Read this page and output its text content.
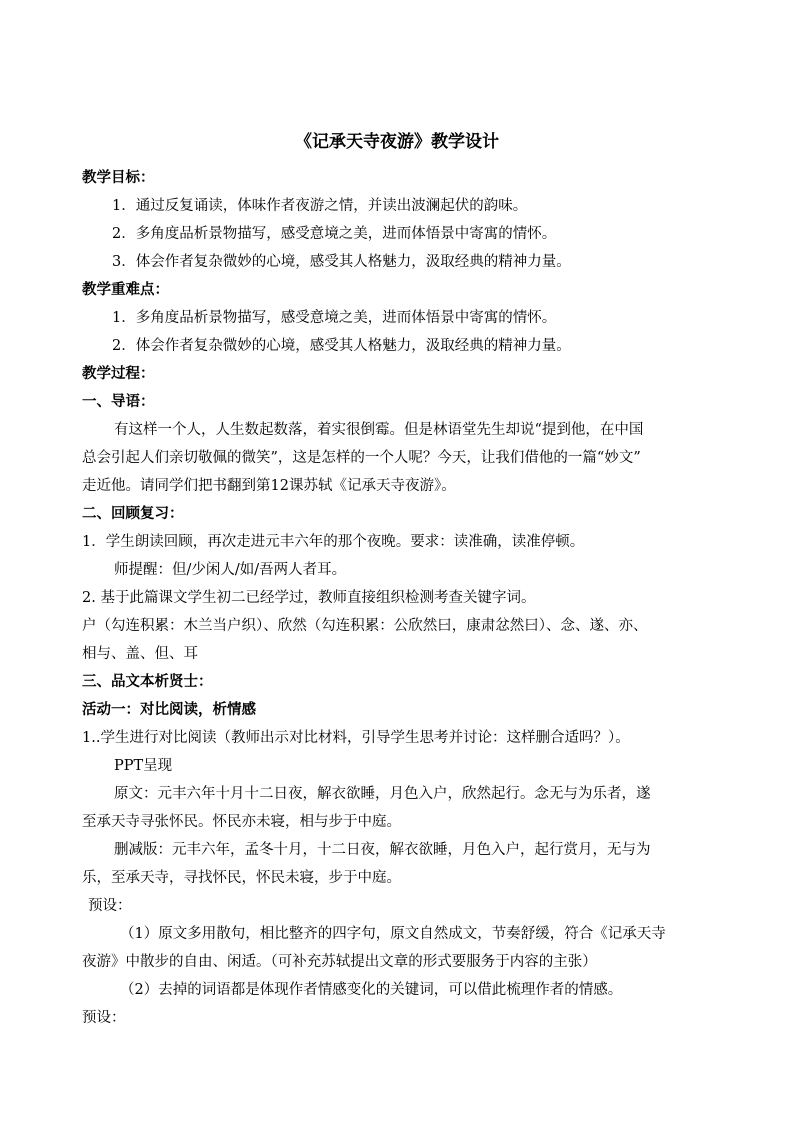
《记承天寺夜游》教学设计
教学目标：
1．通过反复诵读，体味作者夜游之情，并读出波澜起伏的韵味。
2．多角度品析景物描写，感受意境之美，进而体悟景中寄寓的情怀。
3．体会作者复杂微妙的心境，感受其人格魅力，汲取经典的精神力量。
教学重难点：
1．多角度品析景物描写，感受意境之美，进而体悟景中寄寓的情怀。
2．体会作者复杂微妙的心境，感受其人格魅力，汲取经典的精神力量。
教学过程：
一、导语：
有这样一个人，人生数起数落，着实很倒霉。但是林语堂先生却说“提到他，在中国
总会引起人们亲切敬佩的微笑”，这是怎样的一个人呢？今天，让我们借他的一篇“妙文”
走近他。请同学们把书翻到第12课苏轼《记承天寺夜游》。
二、回顾复习：
1．学生朗读回顾，再次走进元丰六年的那个夜晚。要求：读准确，读准停顿。
师提醒：但/少闲人/如/吾两人者耳。
2. 基于此篇课文学生初二已经学过，教师直接组织检测考查关键字词。
户（勾连积累：木兰当户织）、欣然（勾连积累：公欣然曰，康肃忿然曰）、念、遂、亦、
相与、盖、但、耳
三、品文本析贤士：
活动一：对比阅读，析情感
1..学生进行对比阅读（教师出示对比材料，引导学生思考并讨论：这样删合适吗？）。
PPT呈现
原文：元丰六年十月十二日夜，解衣欲睡，月色入户，欣然起行。念无与为乐者，遂
至承天寺寻张怀民。怀民亦未寝，相与步于中庭。
删减版：元丰六年，孟冬十月，十二日夜，解衣欲睡，月色入户，起行赏月，无与为
乐，至承天寺，寻找怀民，怀民未寝，步于中庭。
预设：
（1）原文多用散句，相比整齐的四字句，原文自然成文，节奏舒缓，符合《记承天寺
夜游》中散步的自由、闲适。（可补充苏轼提出文章的形式要服务于内容的主张）
（2）去掉的词语都是体现作者情感变化的关键词，可以借此梳理作者的情感。
预设：
